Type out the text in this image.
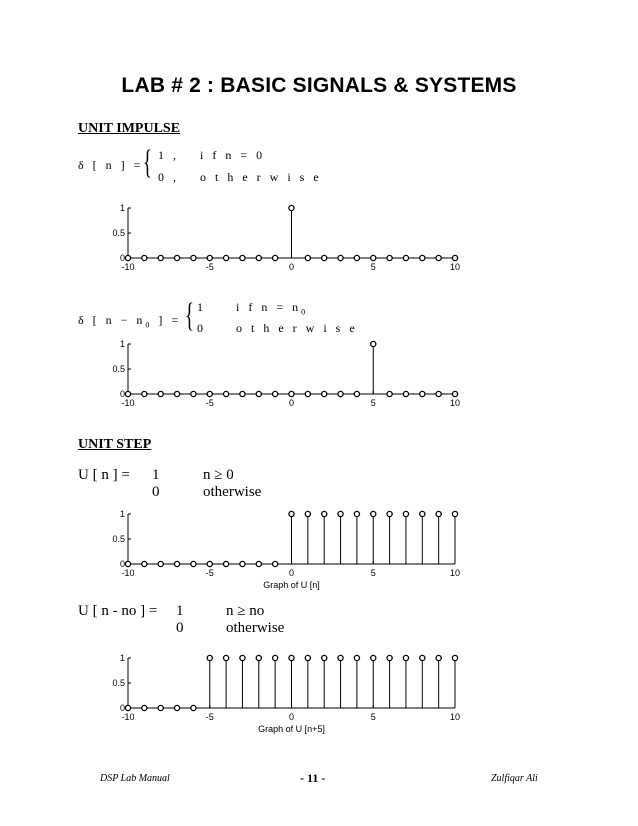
LAB # 2 : BASIC SIGNALS & SYSTEMS
UNIT IMPULSE
δ [ n ] = { 1 , i f n = 0
0 , o t h e r w i s e
0
0.5
1
-10	-5	0	5	10
δ [ $n - n_0$ ] = { 1	i f $n = n_0$
0	o t h e r w i s e
0
0.5
1
-10	-5	0	5	10
UNIT STEP
U [ n ] = 1	n ≥ 0
0	otherwise
0
0.5
1
-10	-5	0	5	10
Graph of U [n]
U [ n - no ] = 1	n ≥ no
0	otherwise
0
0.5
1
-10	-5	0	5	10
Graph of U [n+5]
DSP Lab Manual	- 11 -	Zulfiqar Ali
